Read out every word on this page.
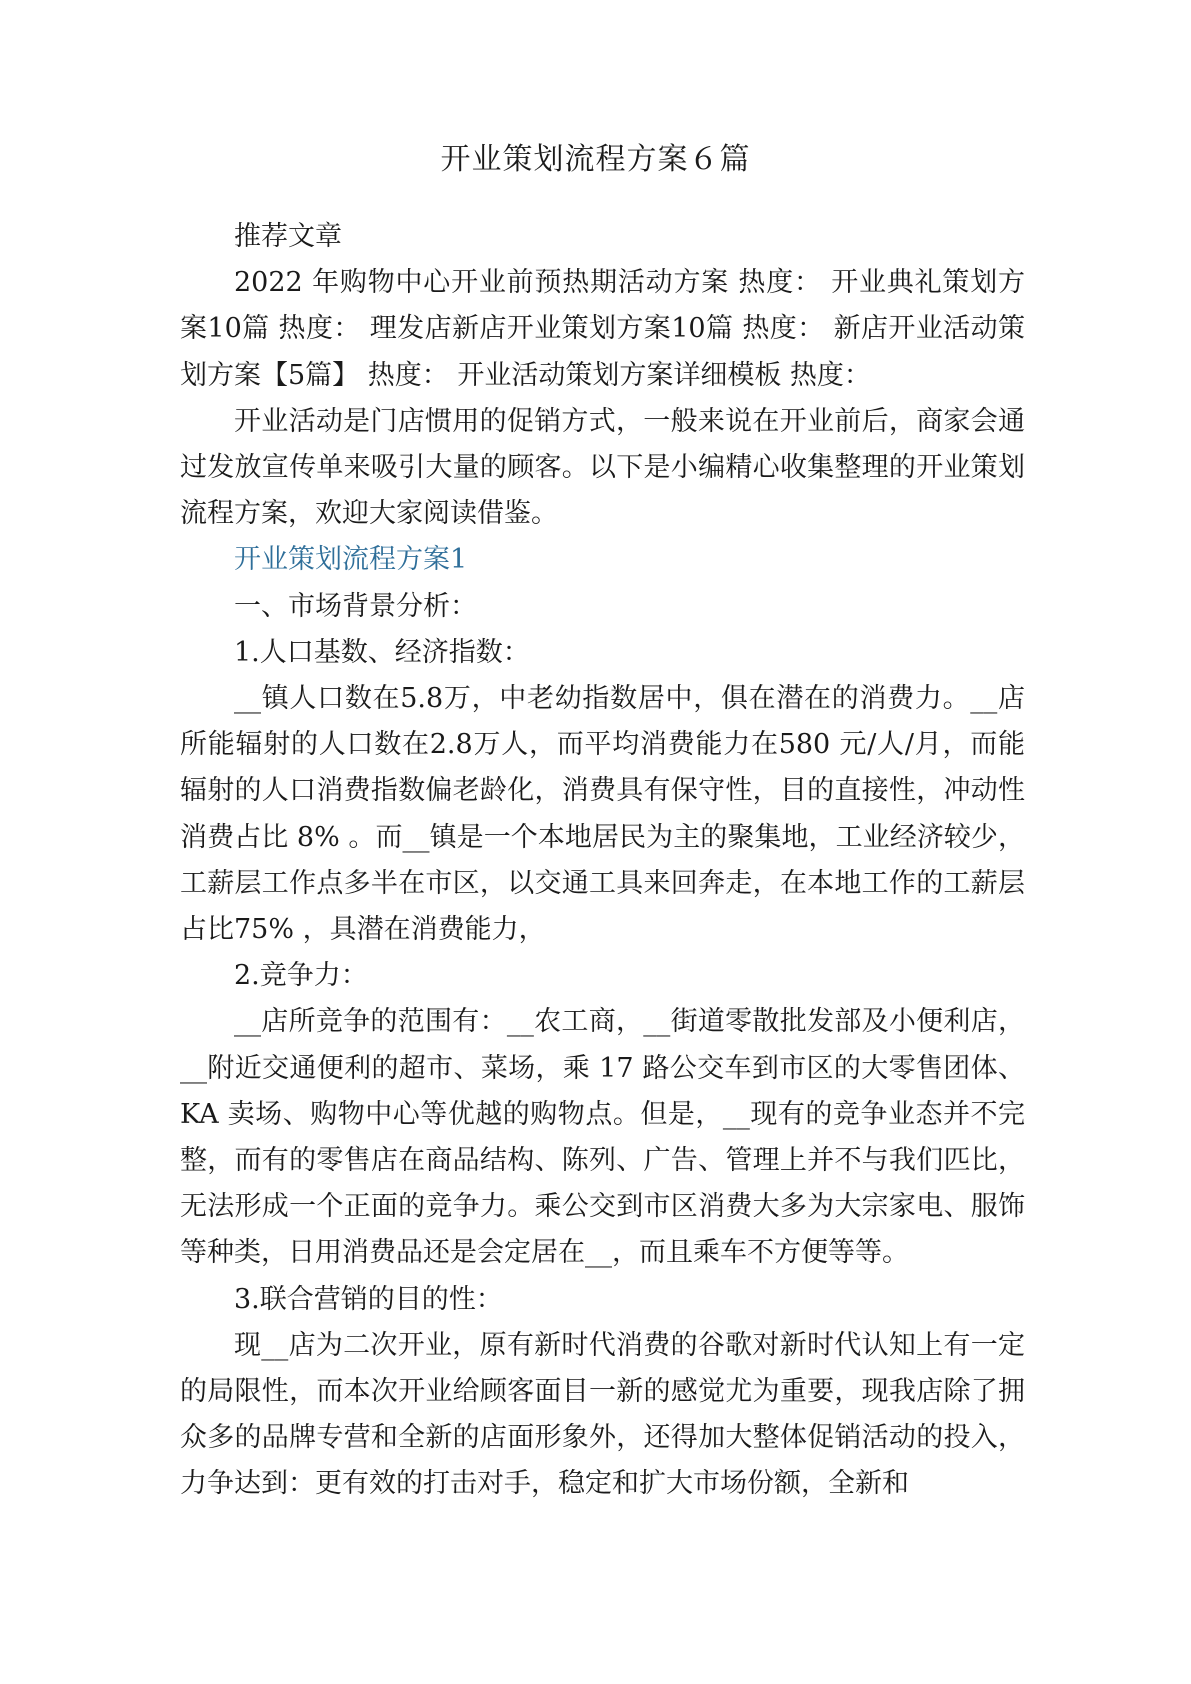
开业策划流程方案６篇

推荐文章

2022 年购物中心开业前预热期活动方案 热度： 开业典礼策划方案10篇 热度： 理发店新店开业策划方案10篇 热度： 新店开业活动策划方案【5篇】 热度： 开业活动策划方案详细模板 热度：

开业活动是门店惯用的促销方式，一般来说在开业前后，商家会通过发放宣传单来吸引大量的顾客。以下是小编精心收集整理的开业策划流程方案，欢迎大家阅读借鉴。

开业策划流程方案1

一、市场背景分析：

1.人口基数、经济指数：

__镇人口数在5.8万，中老幼指数居中，俱在潜在的消费力。__店所能辐射的人口数在2.8万人，而平均消费能力在580 元/人/月，而能辐射的人口消费指数偏老龄化，消费具有保守性，目的直接性，冲动性消费占比 8% 。而__镇是一个本地居民为主的聚集地，工业经济较少，工薪层工作点多半在市区，以交通工具来回奔走，在本地工作的工薪层占比75% ，具潜在消费能力，

2.竞争力：

__店所竞争的范围有：__农工商，__街道零散批发部及小便利店，__附近交通便利的超市、菜场，乘 17 路公交车到市区的大零售团体、KA 卖场、购物中心等优越的购物点。但是，__现有的竞争业态并不完整，而有的零售店在商品结构、陈列、广告、管理上并不与我们匹比，无法形成一个正面的竞争力。乘公交到市区消费大多为大宗家电、服饰等种类，日用消费品还是会定居在__，而且乘车不方便等等。

3.联合营销的目的性：

现__店为二次开业，原有新时代消费的谷歌对新时代认知上有一定的局限性，而本次开业给顾客面目一新的感觉尤为重要，现我店除了拥众多的品牌专营和全新的店面形象外，还得加大整体促销活动的投入，力争达到：更有效的打击对手，稳定和扩大市场份额，全新和
